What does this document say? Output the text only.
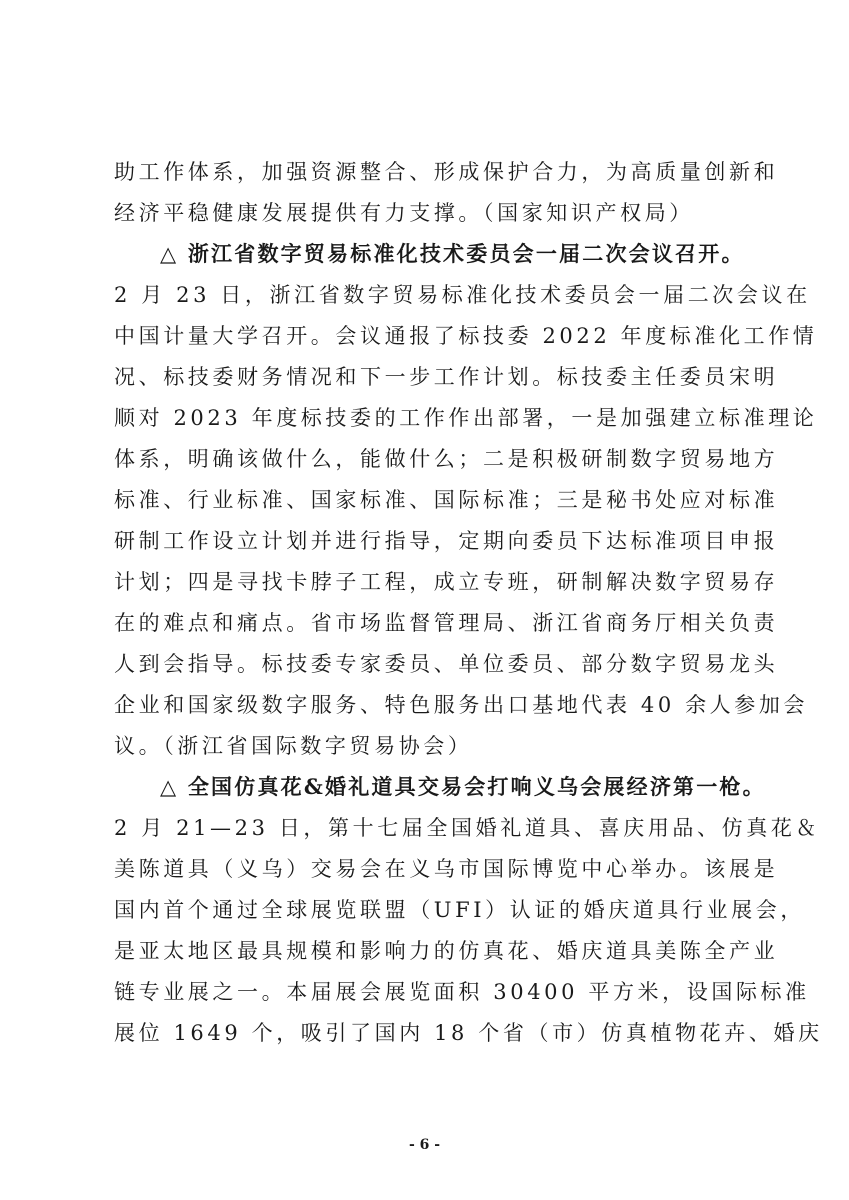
助工作体系，加强资源整合、形成保护合力，为高质量创新和
经济平稳健康发展提供有力支撑。（国家知识产权局）
△ 浙江省数字贸易标准化技术委员会一届二次会议召开。
2 月 23 日，浙江省数字贸易标准化技术委员会一届二次会议在
中国计量大学召开。会议通报了标技委 2022 年度标准化工作情
况、标技委财务情况和下一步工作计划。标技委主任委员宋明
顺对 2023 年度标技委的工作作出部署，一是加强建立标准理论
体系，明确该做什么，能做什么；二是积极研制数字贸易地方
标准、行业标准、国家标准、国际标准；三是秘书处应对标准
研制工作设立计划并进行指导，定期向委员下达标准项目申报
计划；四是寻找卡脖子工程，成立专班，研制解决数字贸易存
在的难点和痛点。省市场监督管理局、浙江省商务厅相关负责
人到会指导。标技委专家委员、单位委员、部分数字贸易龙头
企业和国家级数字服务、特色服务出口基地代表 40 余人参加会
议。（浙江省国际数字贸易协会）
△ 全国仿真花&婚礼道具交易会打响义乌会展经济第一枪。
2 月 21—23 日，第十七届全国婚礼道具、喜庆用品、仿真花＆
美陈道具（义乌）交易会在义乌市国际博览中心举办。该展是
国内首个通过全球展览联盟（UFI）认证的婚庆道具行业展会，
是亚太地区最具规模和影响力的仿真花、婚庆道具美陈全产业
链专业展之一。本届展会展览面积 30400 平方米，设国际标准
展位 1649 个，吸引了国内 18 个省（市）仿真植物花卉、婚庆
- 6 -
